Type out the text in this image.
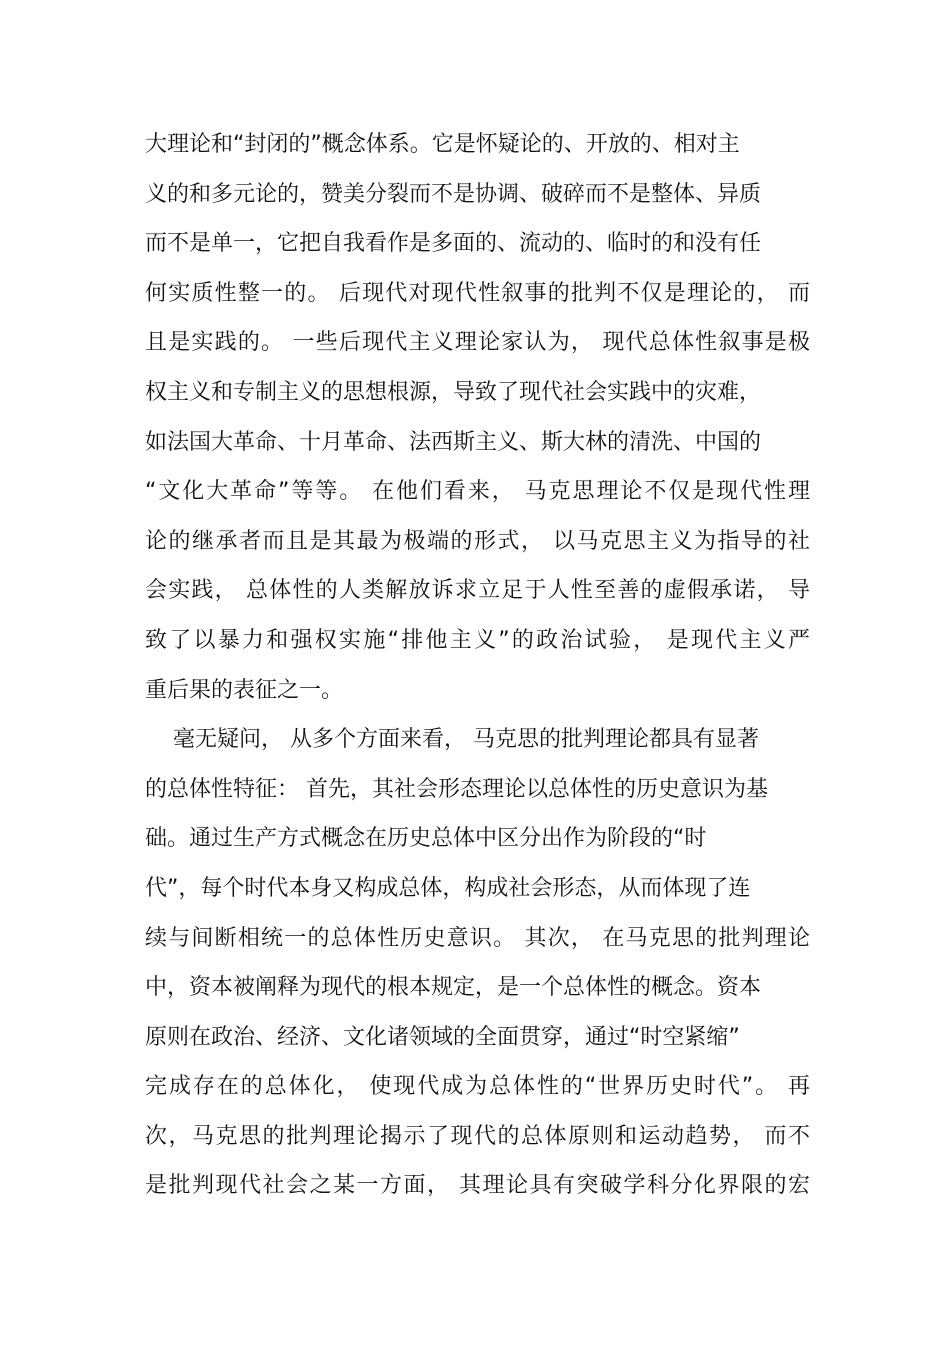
大理论和“封闭的”概念体系。它是怀疑论的、开放的、相对主
义的和多元论的，赞美分裂而不是协调、破碎而不是整体、异质
而不是单一，它把自我看作是多面的、流动的、临时的和没有任
何实质性整一的。 后现代对现代性叙事的批判不仅是理论的， 而
且是实践的。 一些后现代主义理论家认为， 现代总体性叙事是极
权主义和专制主义的思想根源，导致了现代社会实践中的灾难，
如法国大革命、十月革命、法西斯主义、斯大林的清洗、中国的
“文化大革命”等等。 在他们看来， 马克思理论不仅是现代性理
论的继承者而且是其最为极端的形式， 以马克思主义为指导的社
会实践， 总体性的人类解放诉求立足于人性至善的虚假承诺， 导
致了以暴力和强权实施“排他主义”的政治试验， 是现代主义严
重后果的表征之一。
毫无疑问， 从多个方面来看， 马克思的批判理论都具有显著
的总体性特征： 首先，其社会形态理论以总体性的历史意识为基
础。通过生产方式概念在历史总体中区分出作为阶段的“时
代”，每个时代本身又构成总体，构成社会形态，从而体现了连
续与间断相统一的总体性历史意识。 其次， 在马克思的批判理论
中，资本被阐释为现代的根本规定，是一个总体性的概念。资本
原则在政治、经济、文化诸领域的全面贯穿，通过“时空紧缩”
完成存在的总体化， 使现代成为总体性的“世界历史时代”。 再
次，马克思的批判理论揭示了现代的总体原则和运动趋势， 而不
是批判现代社会之某一方面， 其理论具有突破学科分化界限的宏
